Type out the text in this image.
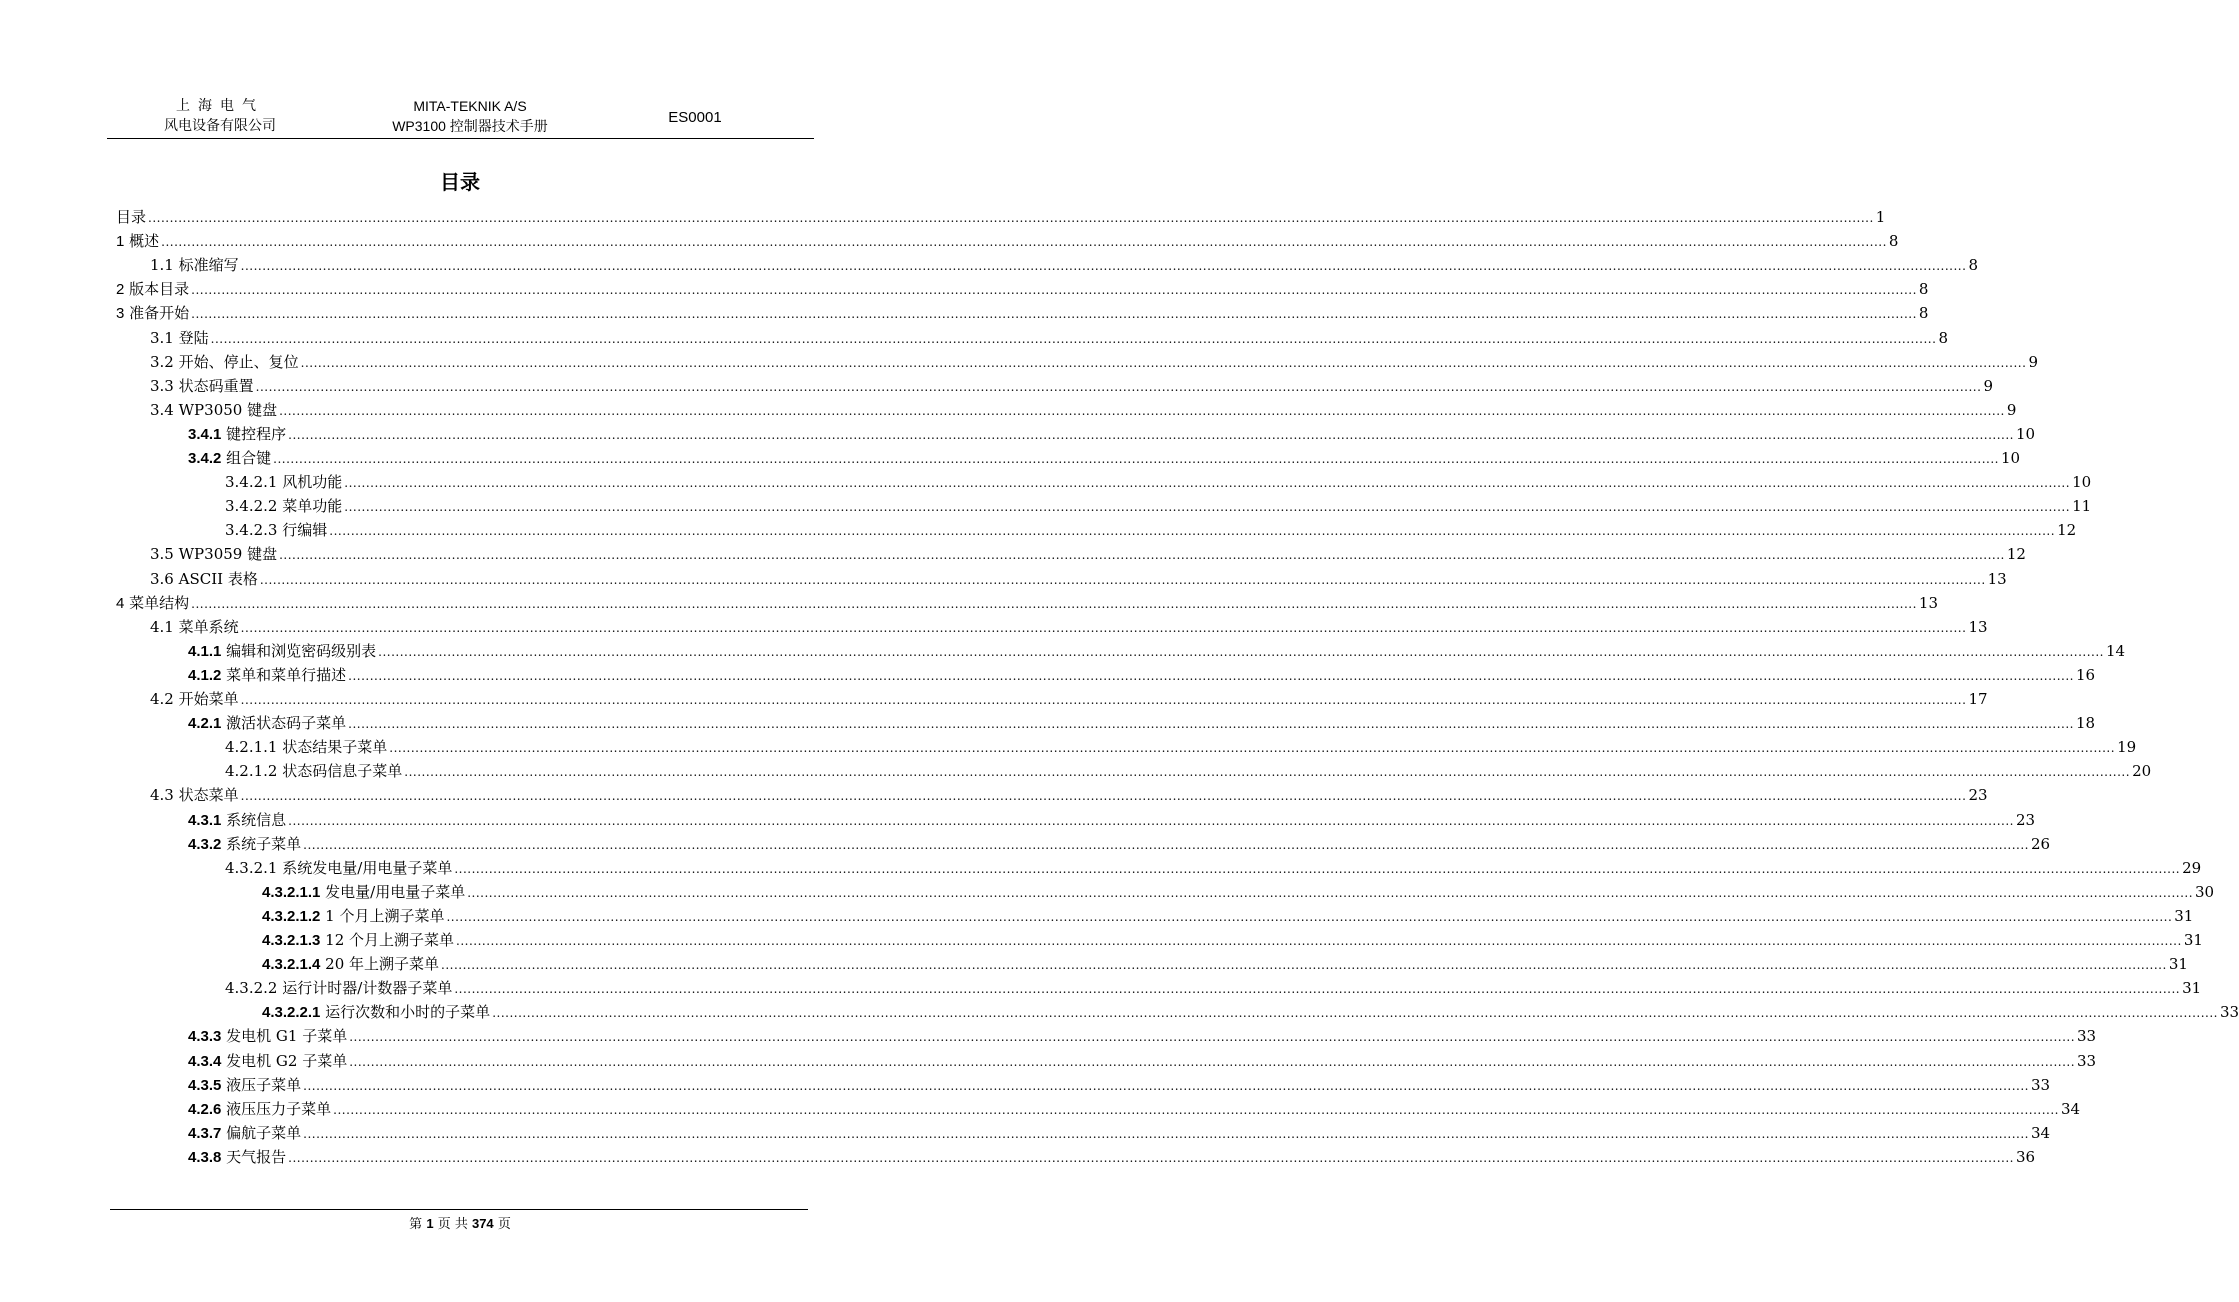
上海电气
风电设备有限公司
MITA-TEKNIK A/S
WP3100 控制器技术手册	ES0001
目录
目录 ................................................................................................................................................................................................................................................................................................................................................................................................................ 1
1 概述 ................................................................................................................................................................................................................................................................................................................................................................................................................ 8
1.1 标准缩写 ................................................................................................................................................................................................................................................................................................................................................................................................................ 8
2 版本目录 ................................................................................................................................................................................................................................................................................................................................................................................................................ 8
3 准备开始 ................................................................................................................................................................................................................................................................................................................................................................................................................ 8
3.1 登陆 ................................................................................................................................................................................................................................................................................................................................................................................................................ 8
3.2 开始、停止、复位 ................................................................................................................................................................................................................................................................................................................................................................................................................ 9
3.3 状态码重置 ................................................................................................................................................................................................................................................................................................................................................................................................................ 9
3.4 WP3050 键盘 ................................................................................................................................................................................................................................................................................................................................................................................................................ 9
3.4.1 键控程序 ................................................................................................................................................................................................................................................................................................................................................................................................................ 10
3.4.2 组合键 ................................................................................................................................................................................................................................................................................................................................................................................................................ 10
3.4.2.1 风机功能 ................................................................................................................................................................................................................................................................................................................................................................................................................ 10
3.4.2.2 菜单功能 ................................................................................................................................................................................................................................................................................................................................................................................................................ 11
3.4.2.3 行编辑 ................................................................................................................................................................................................................................................................................................................................................................................................................ 12
3.5 WP3059 键盘 ................................................................................................................................................................................................................................................................................................................................................................................................................ 12
3.6 ASCII 表格 ................................................................................................................................................................................................................................................................................................................................................................................................................ 13
4 菜单结构 ................................................................................................................................................................................................................................................................................................................................................................................................................ 13
4.1 菜单系统 ................................................................................................................................................................................................................................................................................................................................................................................................................ 13
4.1.1 编辑和浏览密码级别表 ................................................................................................................................................................................................................................................................................................................................................................................................................ 14
4.1.2 菜单和菜单行描述 ................................................................................................................................................................................................................................................................................................................................................................................................................ 16
4.2 开始菜单 ................................................................................................................................................................................................................................................................................................................................................................................................................ 17
4.2.1 激活状态码子菜单 ................................................................................................................................................................................................................................................................................................................................................................................................................ 18
4.2.1.1 状态结果子菜单 ................................................................................................................................................................................................................................................................................................................................................................................................................ 19
4.2.1.2 状态码信息子菜单 ................................................................................................................................................................................................................................................................................................................................................................................................................ 20
4.3 状态菜单 ................................................................................................................................................................................................................................................................................................................................................................................................................ 23
4.3.1 系统信息 ................................................................................................................................................................................................................................................................................................................................................................................................................ 23
4.3.2 系统子菜单 ................................................................................................................................................................................................................................................................................................................................................................................................................ 26
4.3.2.1 系统发电量/用电量子菜单 ................................................................................................................................................................................................................................................................................................................................................................................................................ 29
4.3.2.1.1 发电量/用电量子菜单 ................................................................................................................................................................................................................................................................................................................................................................................................................ 30
4.3.2.1.2 1 个月上溯子菜单 ................................................................................................................................................................................................................................................................................................................................................................................................................ 31
4.3.2.1.3 12 个月上溯子菜单 ................................................................................................................................................................................................................................................................................................................................................................................................................ 31
4.3.2.1.4 20 年上溯子菜单 ................................................................................................................................................................................................................................................................................................................................................................................................................ 31
4.3.2.2 运行计时器/计数器子菜单 ................................................................................................................................................................................................................................................................................................................................................................................................................ 31
4.3.2.2.1 运行次数和小时的子菜单 ................................................................................................................................................................................................................................................................................................................................................................................................................ 33
4.3.3 发电机 G1 子菜单 ................................................................................................................................................................................................................................................................................................................................................................................................................ 33
4.3.4 发电机 G2 子菜单 ................................................................................................................................................................................................................................................................................................................................................................................................................ 33
4.3.5 液压子菜单 ................................................................................................................................................................................................................................................................................................................................................................................................................ 33
4.2.6 液压压力子菜单 ................................................................................................................................................................................................................................................................................................................................................................................................................ 34
4.3.7 偏航子菜单 ................................................................................................................................................................................................................................................................................................................................................................................................................ 34
4.3.8 天气报告 ................................................................................................................................................................................................................................................................................................................................................................................................................ 36
第 1 页 共 374 页
